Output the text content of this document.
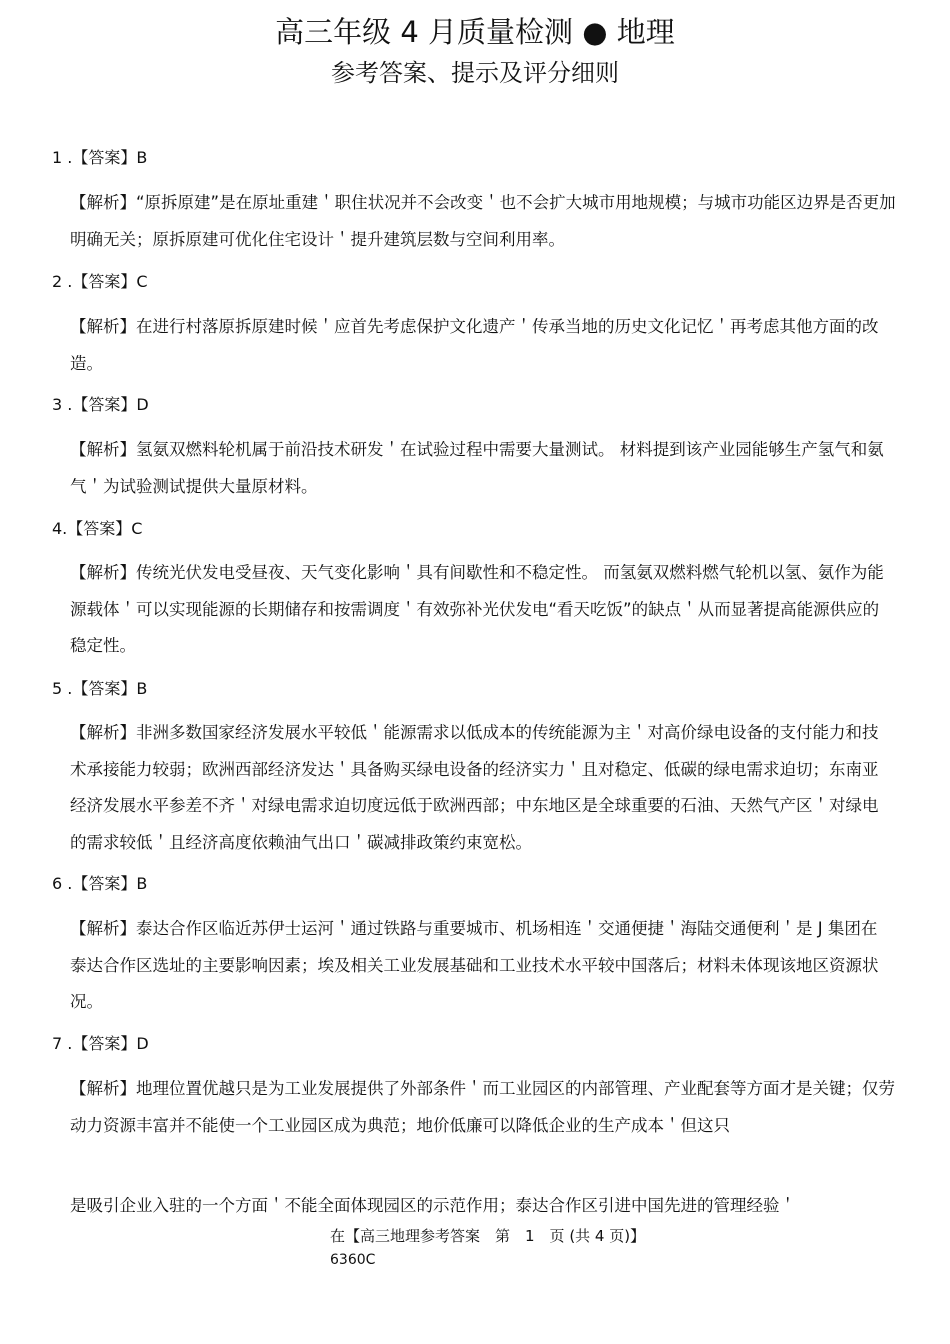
高三年级 4 月质量检测 ● 地理
参考答案、提示及评分细则
1 .【答案】B
【解析】“原拆原建”是在原址重建＇职住状况并不会改变＇也不会扩大城市用地规模；与城市功能区边界是否更加明确无关；原拆原建可优化住宅设计＇提升建筑层数与空间利用率。
2 .【答案】C
【解析】在进行村落原拆原建时候＇应首先考虑保护文化遗产＇传承当地的历史文化记忆＇再考虑其他方面的改造。
3 .【答案】D
【解析】氢氨双燃料轮机属于前沿技术研发＇在试验过程中需要大量测试。 材料提到该产业园能够生产氢气和氨气＇为试验测试提供大量原材料。
4.【答案】C
【解析】传统光伏发电受昼夜、天气变化影响＇具有间歇性和不稳定性。 而氢氨双燃料燃气轮机以氢、氨作为能源载体＇可以实现能源的长期储存和按需调度＇有效弥补光伏发电“看天吃饭”的缺点＇从而显著提高能源供应的稳定性。
5 .【答案】B
【解析】非洲多数国家经济发展水平较低＇能源需求以低成本的传统能源为主＇对高价绿电设备的支付能力和技术承接能力较弱；欧洲西部经济发达＇具备购买绿电设备的经济实力＇且对稳定、低碳的绿电需求迫切；东南亚经济发展水平参差不齐＇对绿电需求迫切度远低于欧洲西部；中东地区是全球重要的石油、天然气产区＇对绿电的需求较低＇且经济高度依赖油气出口＇碳减排政策约束宽松。
6 .【答案】B
【解析】泰达合作区临近苏伊士运河＇通过铁路与重要城市、机场相连＇交通便捷＇海陆交通便利＇是 J 集团在泰达合作区选址的主要影响因素；埃及相关工业发展基础和工业技术水平较中国落后；材料未体现该地区资源状况。
7 .【答案】D
【解析】地理位置优越只是为工业发展提供了外部条件＇而工业园区的内部管理、产业配套等方面才是关键；仅劳动力资源丰富并不能使一个工业园区成为典范；地价低廉可以降低企业的生产成本＇但这只
是吸引企业入驻的一个方面＇不能全面体现园区的示范作用；泰达合作区引进中国先进的管理经验＇
在【高三地理参考答案　第　1　页 (共 4 页)】
6360C
